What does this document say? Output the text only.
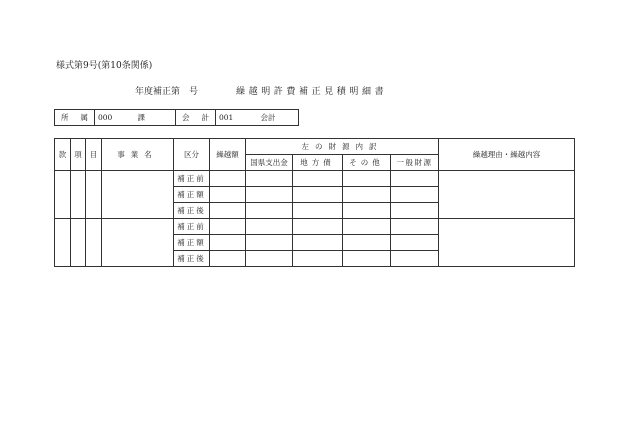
様式第9号(第10条関係)
年度補正第　号	繰越明許費補正見積明細書
所　属	000	課	会　計	001	会計
款	項	目	事業名	区分	繰越額	左の財源内訳				繰越理由・繰越内容
						国県支出金	地方債	その他	一般財源	
				補正前						
				補正額						
				補正後						
				補正前						
				補正額						
				補正後						
